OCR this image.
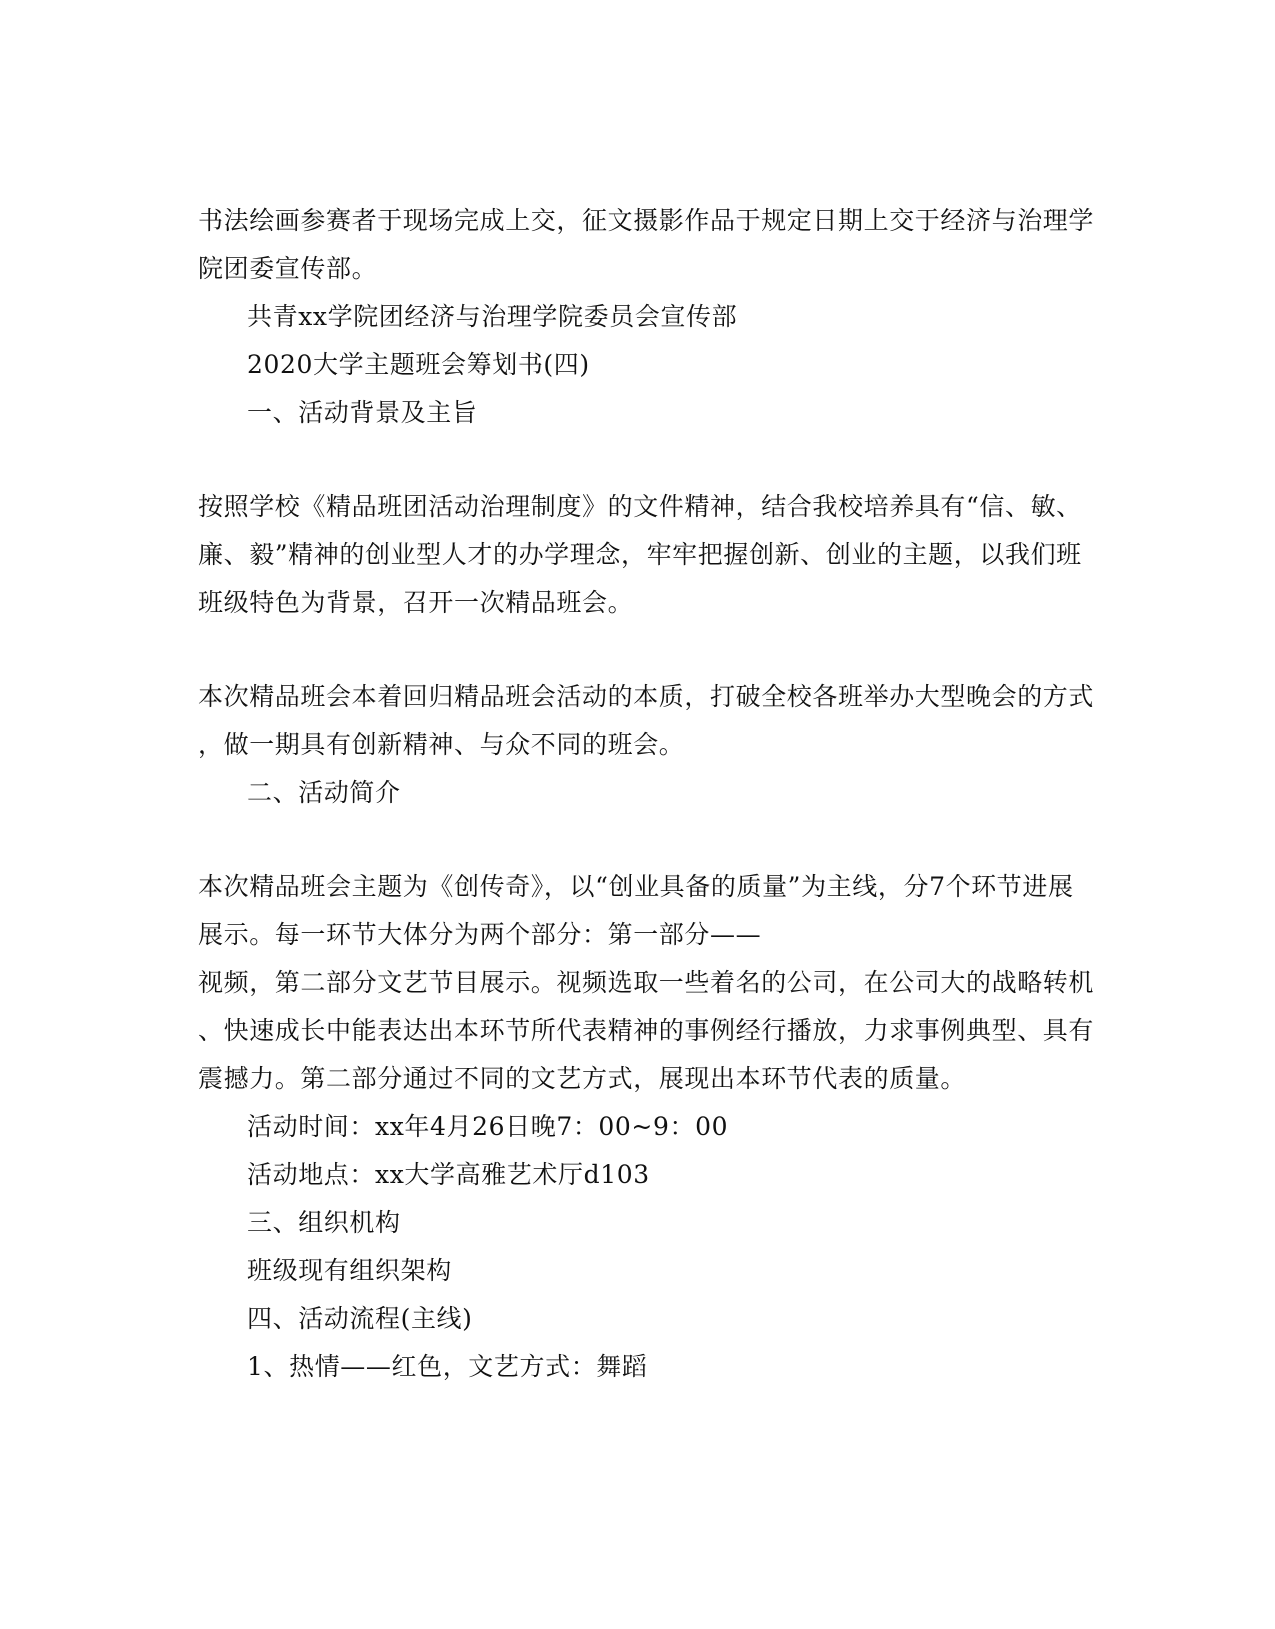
书法绘画参赛者于现场完成上交，征文摄影作品于规定日期上交于经济与治理学
院团委宣传部。
共青xx学院团经济与治理学院委员会宣传部
2020大学主题班会筹划书(四)
一、活动背景及主旨
按照学校《精品班团活动治理制度》的文件精神，结合我校培养具有“信、敏、
廉、毅”精神的创业型人才的办学理念，牢牢把握创新、创业的主题，以我们班
班级特色为背景，召开一次精品班会。
本次精品班会本着回归精品班会活动的本质，打破全校各班举办大型晚会的方式
，做一期具有创新精神、与众不同的班会。
二、活动简介
本次精品班会主题为《创传奇》，以“创业具备的质量”为主线，分7个环节进展
展示。每一环节大体分为两个部分：第一部分——
视频，第二部分文艺节目展示。视频选取一些着名的公司，在公司大的战略转机
、快速成长中能表达出本环节所代表精神的事例经行播放，力求事例典型、具有
震撼力。第二部分通过不同的文艺方式，展现出本环节代表的质量。
活动时间：xx年4月26日晚7：00~9：00
活动地点：xx大学高雅艺术厅d103
三、组织机构
班级现有组织架构
四、活动流程(主线)
1、热情——红色，文艺方式：舞蹈
